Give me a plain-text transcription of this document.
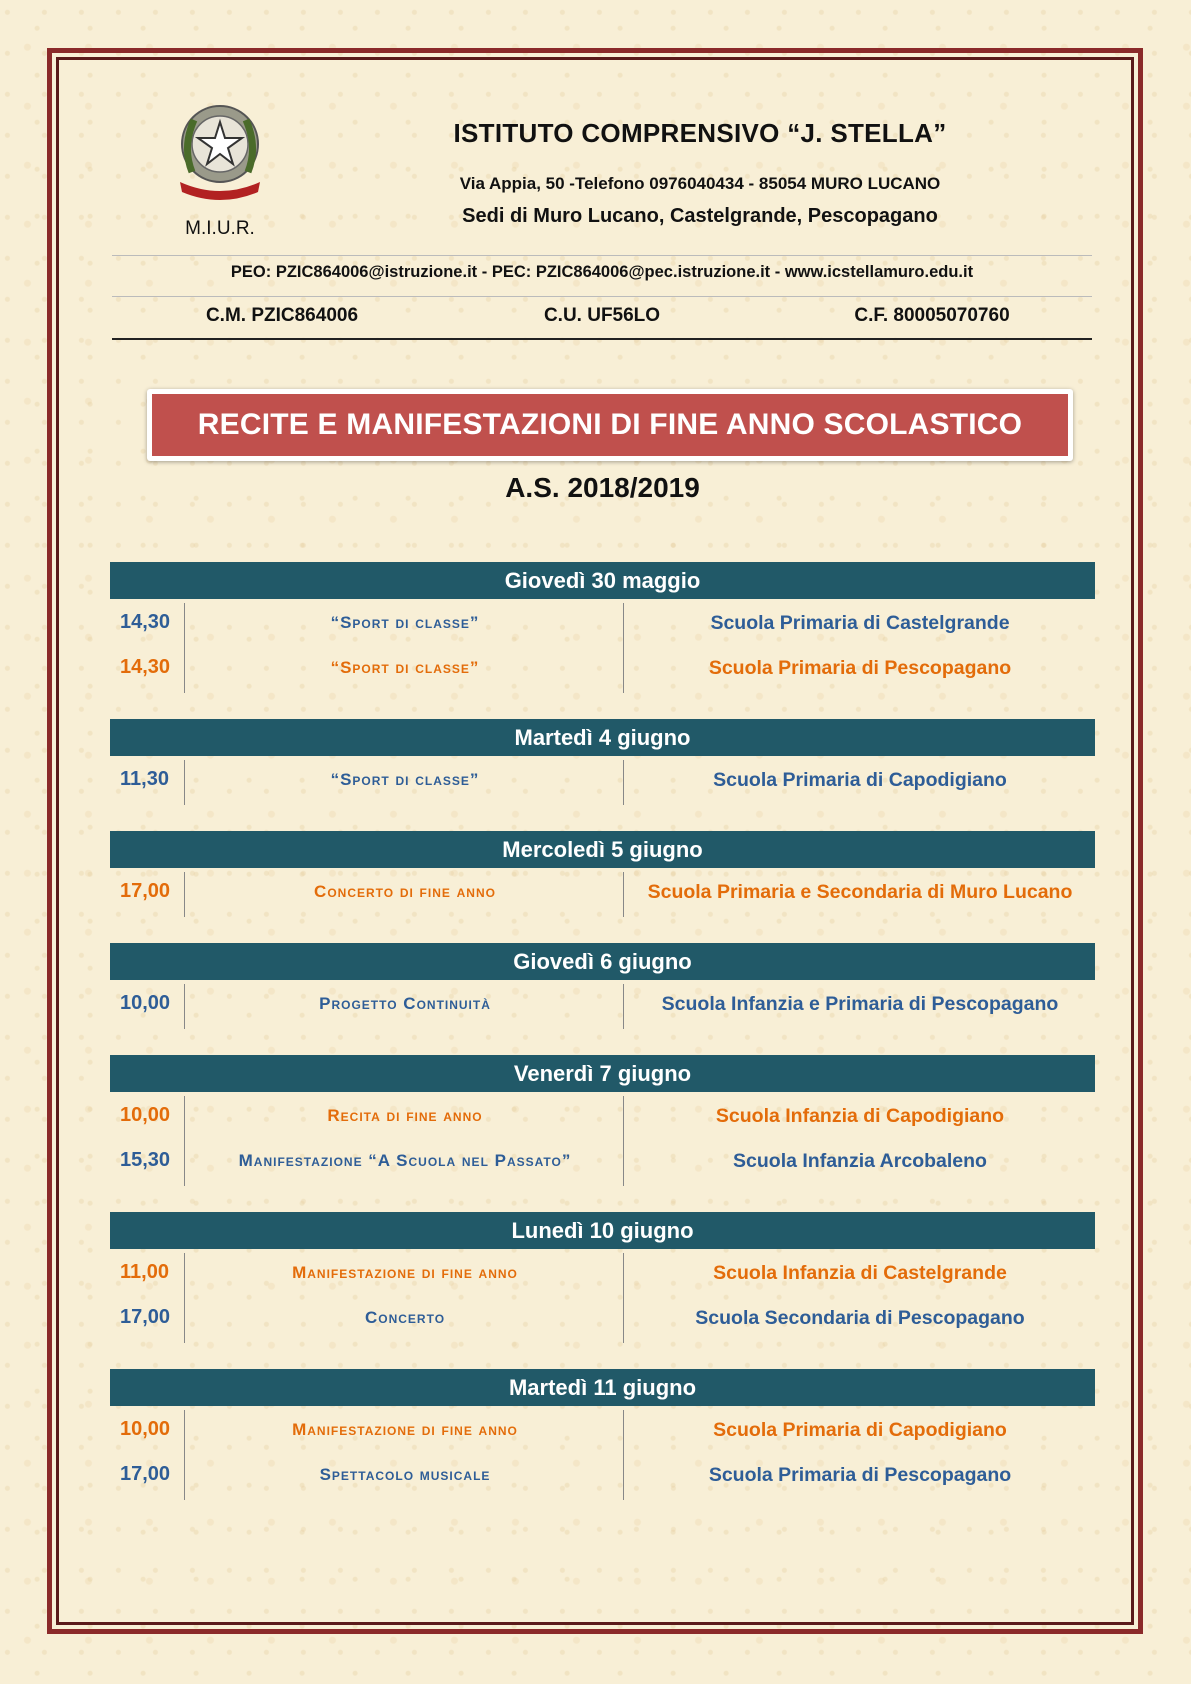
M.I.U.R.
ISTITUTO COMPRENSIVO “J. STELLA”
Via Appia, 50 -Telefono 0976040434 - 85054 MURO LUCANO
Sedi di Muro Lucano, Castelgrande, Pescopagano
PEO: PZIC864006@istruzione.it - PEC: PZIC864006@pec.istruzione.it - www.icstellamuro.edu.it
C.M. PZIC864006	C.U. UF56LO	C.F. 80005070760
RECITE E MANIFESTAZIONI DI FINE ANNO SCOLASTICO
A.S. 2018/2019
Giovedì 30 maggio
14,30	“Sport di classe”	Scuola Primaria di Castelgrande
14,30	“Sport di classe”	Scuola Primaria di Pescopagano
Martedì 4 giugno
11,30	“Sport di classe”	Scuola Primaria di Capodigiano
Mercoledì 5 giugno
17,00	Concerto di fine anno	Scuola Primaria e Secondaria di Muro Lucano
Giovedì 6 giugno
10,00	Progetto Continuità	Scuola Infanzia e Primaria di Pescopagano
Venerdì 7 giugno
10,00	Recita di fine anno	Scuola Infanzia di Capodigiano
15,30	Manifestazione “A Scuola nel Passato”	Scuola Infanzia Arcobaleno
Lunedì 10 giugno
11,00	Manifestazione di fine anno	Scuola Infanzia di Castelgrande
17,00	Concerto	Scuola Secondaria di Pescopagano
Martedì 11 giugno
10,00	Manifestazione di fine anno	Scuola Primaria di Capodigiano
17,00	Spettacolo musicale	Scuola Primaria di Pescopagano
